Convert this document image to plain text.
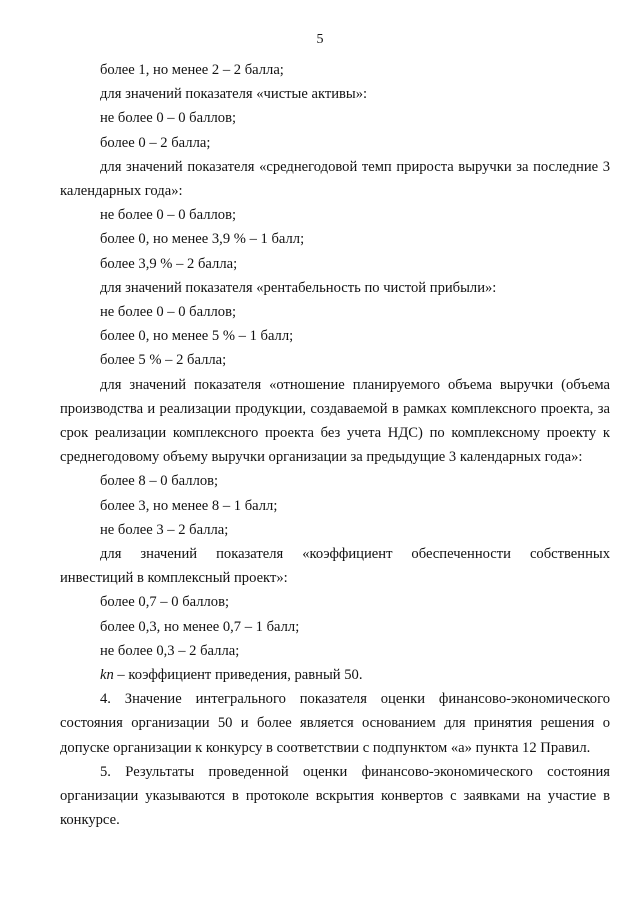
5

более 1, но менее 2 – 2 балла;

для значений показателя «чистые активы»:

не более 0 – 0 баллов;

более 0 – 2 балла;

для значений показателя «среднегодовой темп прироста выручки за последние 3 календарных года»:

не более 0 – 0 баллов;

более 0, но менее 3,9 % – 1 балл;

более 3,9 % – 2 балла;

для значений показателя «рентабельность по чистой прибыли»:

не более 0 – 0 баллов;

более 0, но менее 5 % – 1 балл;

более 5 % – 2 балла;

для значений показателя «отношение планируемого объема выручки (объема производства и реализации продукции, создаваемой в рамках комплексного проекта, за срок реализации комплексного проекта без учета НДС) по комплексному проекту к среднегодовому объему выручки организации за предыдущие 3 календарных года»:

более 8 – 0 баллов;

более 3, но менее 8 – 1 балл;

не более 3 – 2 балла;

для значений показателя «коэффициент обеспеченности собственных инвестиций в комплексный проект»:

более 0,7 – 0 баллов;

более 0,3, но менее 0,7 – 1 балл;

не более 0,3 – 2 балла;

kп – коэффициент приведения, равный 50.

4. Значение интегрального показателя оценки финансово-экономического состояния организации 50 и более является основанием для принятия решения о допуске организации к конкурсу в соответствии с подпунктом «а» пункта 12 Правил.

5. Результаты проведенной оценки финансово-экономического состояния организации указываются в протоколе вскрытия конвертов с заявками на участие в конкурсе.
